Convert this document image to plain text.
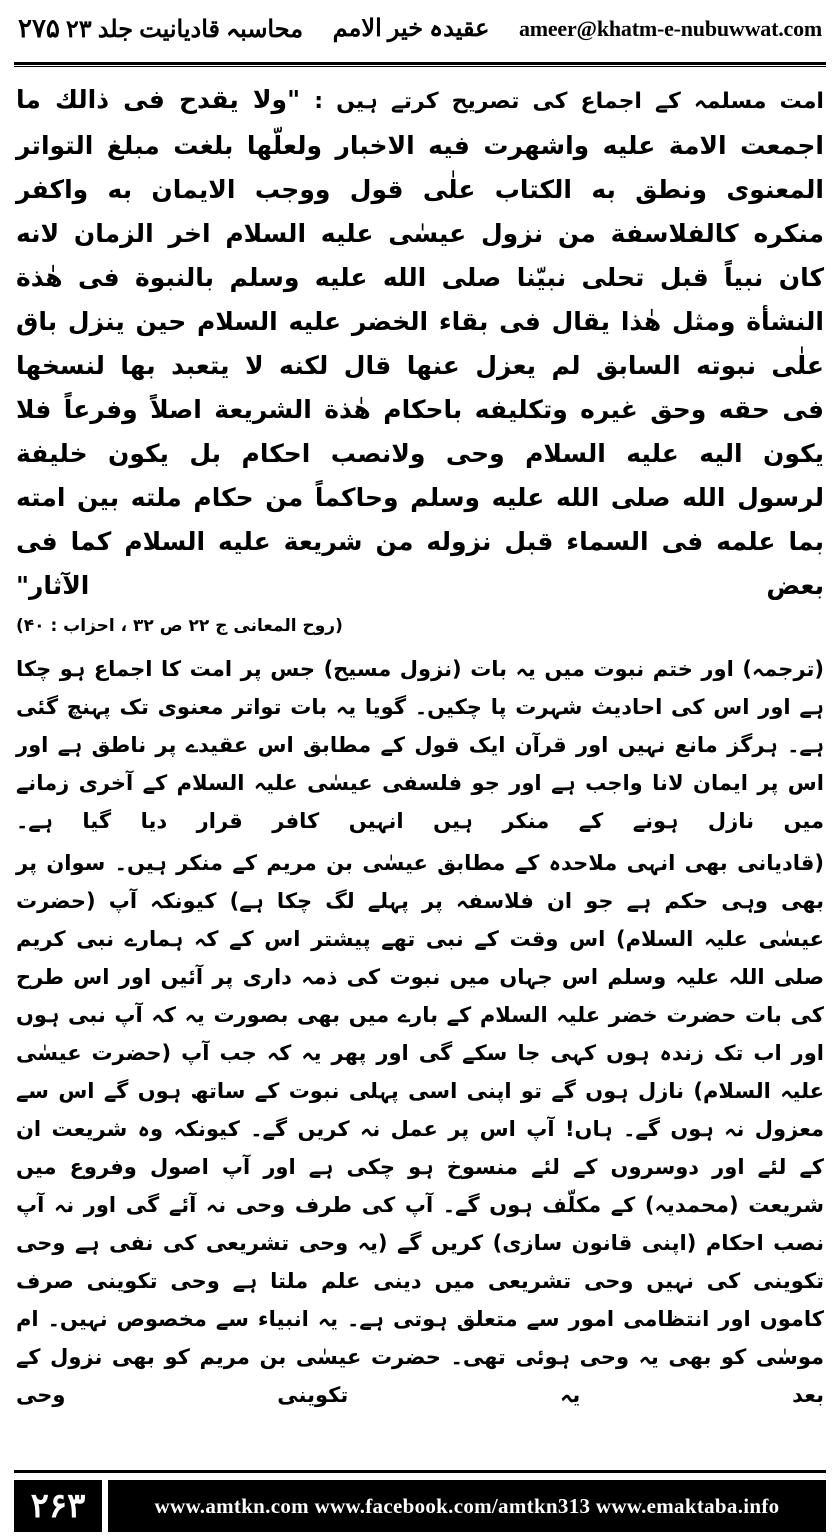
ameer@khatm-e-nubuwwat.com
عقیدہ خیر الامم
محاسبہ قادیانیت جلد ۲۳ ۲۷۵
امت مسلمہ کے اجماع کی تصریح کرتے ہیں : "ولا يقدح فى ذالك ما اجمعت الامة عليه واشهرت فيه الاخبار ولعلّها بلغت مبلغ التواتر المعنوى ونطق به الكتاب علٰى قول ووجب الايمان به واكفر منكره كالفلاسفة من نزول عيسٰى عليه السلام اخر الزمان لانه كان نبياً قبل تحلى نبيّنا صلى الله عليه وسلم بالنبوة فى هٰذة النشأة ومثل هٰذا يقال فى بقاء الخضر عليه السلام حين ينزل باق علٰى نبوته السابق لم يعزل عنها قال لكنه لا يتعبد بها لنسخها فى حقه وحق غيره وتكليفه باحكام هٰذة الشريعة اصلاً وفرعاً فلا يكون اليه عليه السلام وحى ولانصب احكام بل يكون خليفة لرسول الله صلى الله عليه وسلم وحاكماً من حكام ملته بين امته بما علمه فى السماء قبل نزوله من شريعة عليه السلام كما فى بعض الآثار"
(روح المعانى ج ۲۲ ص ۳۲ ، احزاب : ۴۰)
(ترجمہ) اور ختم نبوت میں یہ بات (نزول مسیح) جس پر امت کا اجماع ہو چکا ہے اور اس کی احادیث شہرت پا چکیں۔ گویا یہ بات تواتر معنوی تک پہنچ گئی ہے۔ ہرگز مانع نہیں اور قرآن ایک قول کے مطابق اس عقیدے پر ناطق ہے اور اس پر ایمان لانا واجب ہے اور جو فلسفی عیسٰی علیہ السلام کے آخری زمانے میں نازل ہونے کے منکر ہیں انہیں کافر قرار دیا گیا ہے۔
(قادیانی بھی انہی ملاحدہ کے مطابق عیسٰی بن مریم کے منکر ہیں۔ سوان پر بھی وہی حکم ہے جو ان فلاسفہ پر پہلے لگ چکا ہے) کیونکہ آپ (حضرت عیسٰی علیہ السلام) اس وقت کے نبی تھے پیشتر اس کے کہ ہمارے نبی کریم صلی اللہ علیہ وسلم اس جہاں میں نبوت کی ذمہ داری پر آئیں اور اس طرح کی بات حضرت خضر علیہ السلام کے بارے میں بھی بصورت یہ کہ آپ نبی ہوں اور اب تک زندہ ہوں کہی جا سکے گی اور پھر یہ کہ جب آپ (حضرت عیسٰی علیہ السلام) نازل ہوں گے تو اپنی اسی پہلی نبوت کے ساتھ ہوں گے اس سے معزول نہ ہوں گے۔ ہاں! آپ اس پر عمل نہ کریں گے۔ کیونکہ وہ شریعت ان کے لئے اور دوسروں کے لئے منسوخ ہو چکی ہے اور آپ اصول وفروع میں شریعت (محمدیہ) کے مکلّف ہوں گے۔ آپ کی طرف وحی نہ آئے گی اور نہ آپ نصب احکام (اپنی قانون سازی) کریں گے (یہ وحی تشریعی کی نفی ہے وحی تکوینی کی نہیں وحی تشریعی میں دینی علم ملتا ہے وحی تکوینی صرف کاموں اور انتظامی امور سے متعلق ہوتی ہے۔ یہ انبیاء سے مخصوص نہیں۔ ام موسٰی کو بھی یہ وحی ہوئی تھی۔ حضرت عیسٰی بن مریم کو بھی نزول کے بعد یہ تکوینی وحی
۲۶۳	www.amtkn.com www.facebook.com/amtkn313 www.emaktaba.info
